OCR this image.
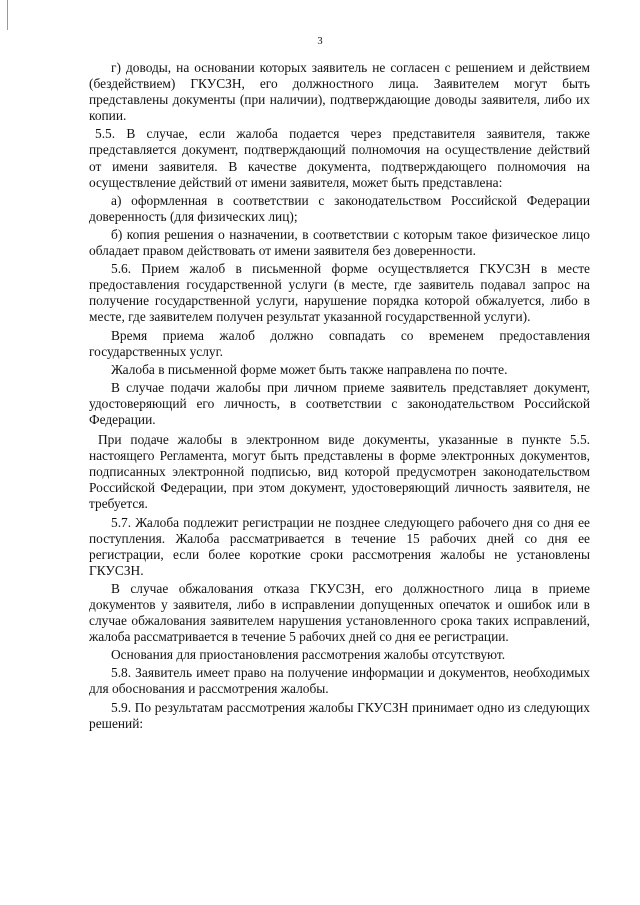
3

г) доводы, на основании которых заявитель не согласен с решением и действием (бездействием) ГКУСЗН, его должностного лица. Заявителем могут быть представлены документы (при наличии), подтверждающие доводы заявителя, либо их копии.

5.5. В случае, если жалоба подается через представителя заявителя, также представляется документ, подтверждающий полномочия на осуществление действий от имени заявителя. В качестве документа, подтверждающего полномочия на осуществление действий от имени заявителя, может быть представлена:

а) оформленная в соответствии с законодательством Российской Федерации доверенность (для физических лиц);

б) копия решения о назначении, в соответствии с которым такое физическое лицо обладает правом действовать от имени заявителя без доверенности.

5.6. Прием жалоб в письменной форме осуществляется ГКУСЗН в месте предоставления государственной услуги (в месте, где заявитель подавал запрос на получение государственной услуги, нарушение порядка которой обжалуется, либо в месте, где заявителем получен результат указанной государственной услуги).

Время приема жалоб должно совпадать со временем предоставления государственных услуг.

Жалоба в письменной форме может быть также направлена по почте.

В случае подачи жалобы при личном приеме заявитель представляет документ, удостоверяющий его личность, в соответствии с законодательством Российской Федерации.

При подаче жалобы в электронном виде документы, указанные в пункте 5.5. настоящего Регламента, могут быть представлены в форме электронных документов, подписанных электронной подписью, вид которой предусмотрен законодательством Российской Федерации, при этом документ, удостоверяющий личность заявителя, не требуется.

5.7. Жалоба подлежит регистрации не позднее следующего рабочего дня со дня ее поступления. Жалоба рассматривается в течение 15 рабочих дней со дня ее регистрации, если более короткие сроки рассмотрения жалобы не установлены ГКУСЗН.

В случае обжалования отказа ГКУСЗН, его должностного лица в приеме документов у заявителя, либо в исправлении допущенных опечаток и ошибок или в случае обжалования заявителем нарушения установленного срока таких исправлений, жалоба рассматривается в течение 5 рабочих дней со дня ее регистрации.

Основания для приостановления рассмотрения жалобы отсутствуют.

5.8. Заявитель имеет право на получение информации и документов, необходимых для обоснования и рассмотрения жалобы.

5.9. По результатам рассмотрения жалобы ГКУСЗН принимает одно из следующих решений:
